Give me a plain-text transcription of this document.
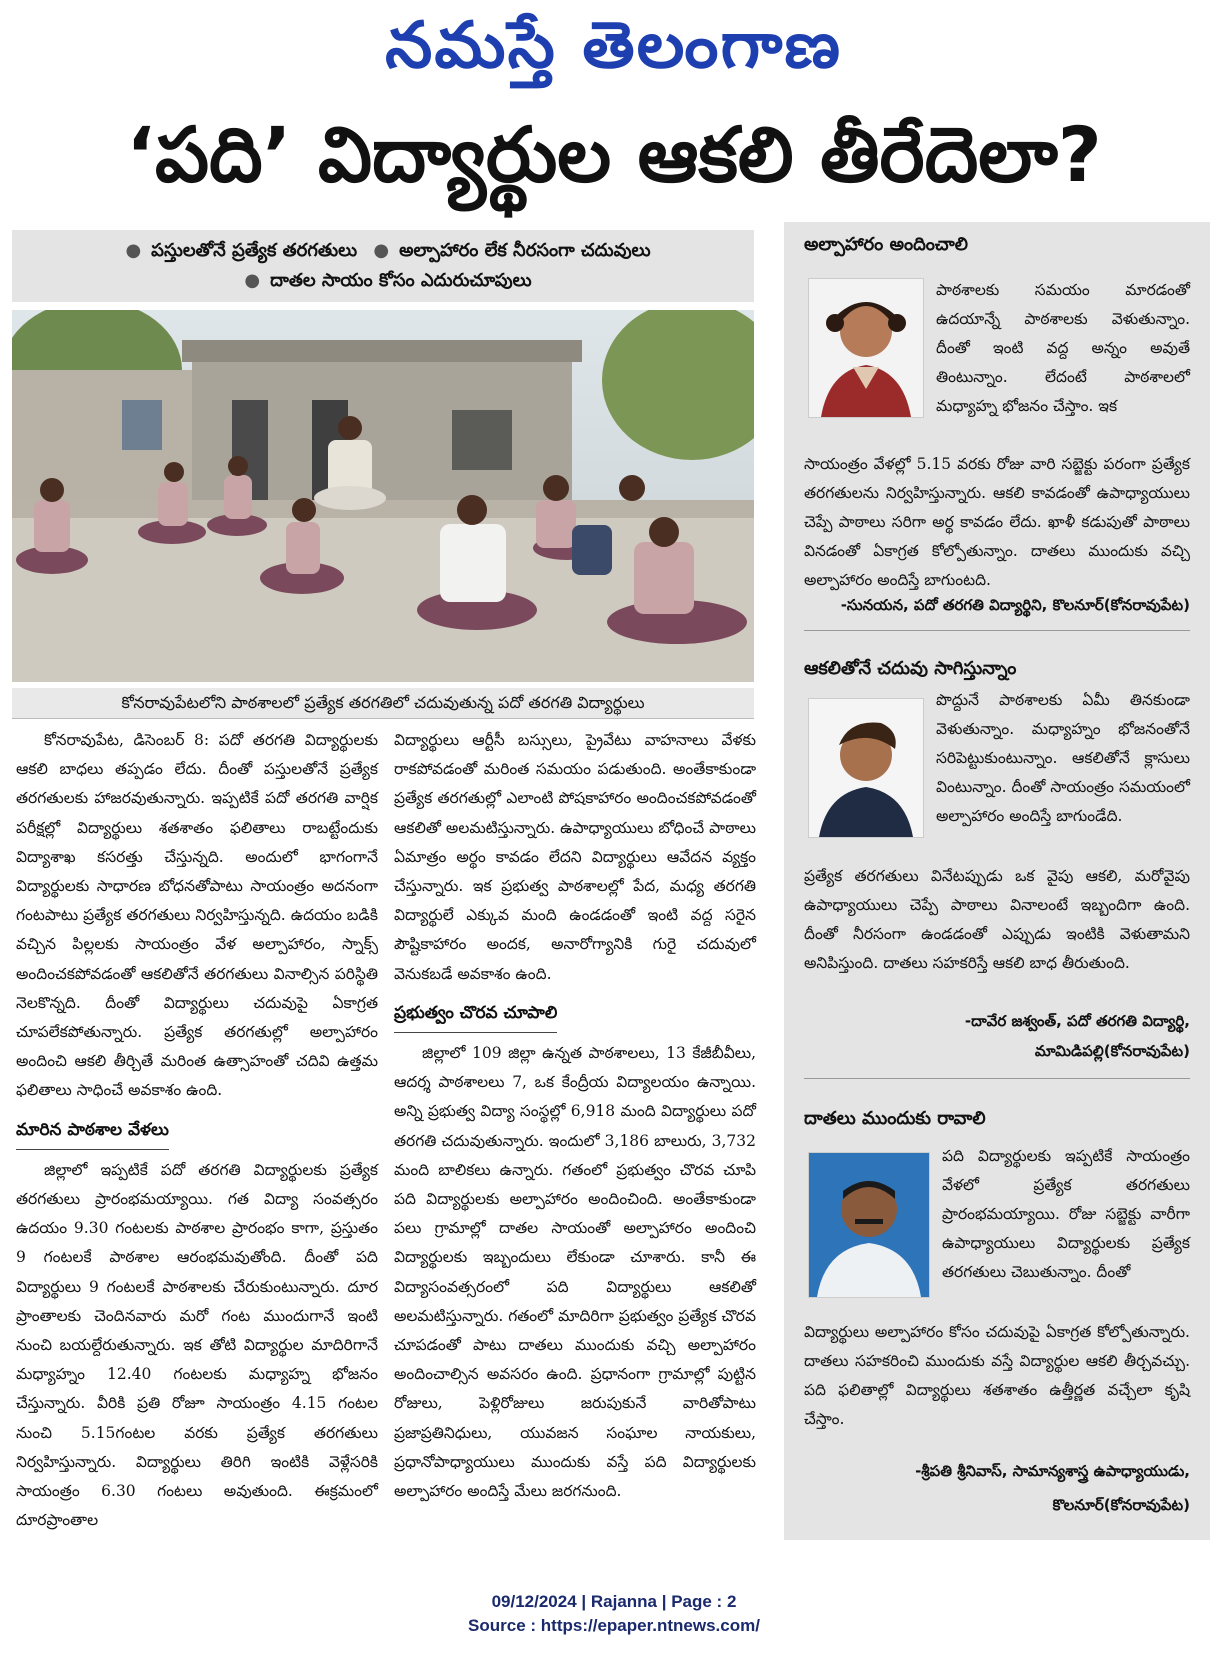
నమస్తే తెలంగాణ
‘పది’ విద్యార్థుల ఆకలి తీరేదెలా?
● పస్తులతోనే ప్రత్యేక తరగతులు ● అల్పాహారం లేక నీరసంగా చదువులు
● దాతల సాయం కోసం ఎదురుచూపులు
కోనరావుపేటలోని పాఠశాలలో ప్రత్యేక తరగతిలో చదువుతున్న పదో తరగతి విద్యార్థులు

కోనరావుపేట, డిసెంబర్ 8: పదో తరగతి విద్యార్థులకు ఆకలి బాధలు తప్పడం లేదు. దీంతో పస్తులతోనే ప్రత్యేక తరగతులకు హాజరవుతున్నారు. ఇప్పటికే పదో తరగతి వార్షిక పరీక్షల్లో విద్యార్థులు శతశాతం ఫలితాలు రాబట్టేందుకు విద్యాశాఖ కసరత్తు చేస్తున్నది. అందులో భాగంగానే విద్యార్థులకు సాధారణ బోధనతోపాటు సాయంత్రం అదనంగా గంటపాటు ప్రత్యేక తరగతులు నిర్వహిస్తున్నది. ఉదయం బడికి వచ్చిన పిల్లలకు సాయంత్రం వేళ అల్పాహారం, స్నాక్స్ అందించకపోవడంతో ఆకలితోనే తరగతులు వినాల్సిన పరిస్థితి నెలకొన్నది. దీంతో విద్యార్థులు చదువుపై ఏకాగ్రత చూపలేకపోతున్నారు. ప్రత్యేక తరగతుల్లో అల్పాహారం అందించి ఆకలి తీర్చితే మరింత ఉత్సాహంతో చదివి ఉత్తమ ఫలితాలు సాధించే అవకాశం ఉంది.

మారిన పాఠశాల వేళలు

జిల్లాలో ఇప్పటికే పదో తరగతి విద్యార్థులకు ప్రత్యేక తరగతులు ప్రారంభమయ్యాయి. గత విద్యా సంవత్సరం ఉదయం 9.30 గంటలకు పాఠశాల ప్రారంభం కాగా, ప్రస్తుతం 9 గంటలకే పాఠశాల ఆరంభమవుతోంది. దీంతో పది విద్యార్థులు 9 గంటలకే పాఠశాలకు చేరుకుంటున్నారు. దూర ప్రాంతాలకు చెందినవారు మరో గంట ముందుగానే ఇంటి నుంచి బయల్దేరుతున్నారు. ఇక తోటి విద్యార్థుల మాదిరిగానే మధ్యాహ్నం 12.40 గంటలకు మధ్యాహ్న భోజనం చేస్తున్నారు. వీరికి ప్రతి రోజూ సాయంత్రం 4.15 గంటల నుంచి 5.15గంటల వరకు ప్రత్యేక తరగతులు నిర్వహిస్తున్నారు. విద్యార్థులు తిరిగి ఇంటికి వెళ్లేసరికి సాయంత్రం 6.30 గంటలు అవుతుంది. ఈక్రమంలో దూరప్రాంతాల

విద్యార్థులు ఆర్టీసీ బస్సులు, ప్రైవేటు వాహనాలు వేళకు రాకపోవడంతో మరింత సమయం పడుతుంది. అంతేకాకుండా ప్రత్యేక తరగతుల్లో ఎలాంటి పోషకాహారం అందించకపోవడంతో ఆకలితో అలమటిస్తున్నారు. ఉపాధ్యాయులు బోధించే పాఠాలు ఏమాత్రం అర్థం కావడం లేదని విద్యార్థులు ఆవేదన వ్యక్తం చేస్తున్నారు. ఇక ప్రభుత్వ పాఠశాలల్లో పేద, మధ్య తరగతి విద్యార్థులే ఎక్కువ మంది ఉండడంతో ఇంటి వద్ద సరైన పౌష్టికాహారం అందక, అనారోగ్యానికి గురై చదువులో వెనుకబడే అవకాశం ఉంది.

ప్రభుత్వం చొరవ చూపాలి

జిల్లాలో 109 జిల్లా ఉన్నత పాఠశాలలు, 13 కేజీబీవీలు, ఆదర్శ పాఠశాలలు 7, ఒక కేంద్రీయ విద్యాలయం ఉన్నాయి. అన్ని ప్రభుత్వ విద్యా సంస్థల్లో 6,918 మంది విద్యార్థులు పదో తరగతి చదువుతున్నారు. ఇందులో 3,186 బాలురు, 3,732 మంది బాలికలు ఉన్నారు. గతంలో ప్రభుత్వం చొరవ చూపి పది విద్యార్థులకు అల్పాహారం అందించింది. అంతేకాకుండా పలు గ్రామాల్లో దాతల సాయంతో అల్పాహారం అందించి విద్యార్థులకు ఇబ్బందులు లేకుండా చూశారు. కానీ ఈ విద్యాసంవత్సరంలో పది విద్యార్థులు ఆకలితో అలమటిస్తున్నారు. గతంలో మాదిరిగా ప్రభుత్వం ప్రత్యేక చొరవ చూపడంతో పాటు దాతలు ముందుకు వచ్చి అల్పాహారం అందించాల్సిన అవసరం ఉంది. ప్రధానంగా గ్రామాల్లో పుట్టిన రోజులు, పెళ్లిరోజులు జరుపుకునే వారితోపాటు ప్రజాప్రతినిధులు, యువజన సంఘాల నాయకులు, ప్రధానోపాధ్యాయులు ముందుకు వస్తే పది విద్యార్థులకు అల్పాహారం అందిస్తే మేలు జరగనుంది.

అల్పాహారం అందించాలి
పాఠశాలకు సమయం మారడంతో ఉదయాన్నే పాఠశాలకు వెళుతున్నాం. దీంతో ఇంటి వద్ద అన్నం అవుతే తింటున్నాం. లేదంటే పాఠశాలలో మధ్యాహ్న భోజనం చేస్తాం. ఇక
సాయంత్రం వేళల్లో 5.15 వరకు రోజు వారి సబ్జెక్టు పరంగా ప్రత్యేక తరగతులను నిర్వహిస్తున్నారు. ఆకలి కావడంతో ఉపాధ్యాయులు చెప్పే పాఠాలు సరిగా అర్థ కావడం లేదు. ఖాళీ కడుపుతో పాఠాలు వినడంతో ఏకాగ్రత కోల్పోతున్నాం. దాతలు ముందుకు వచ్చి అల్పాహారం అందిస్తే బాగుంటది.
-సునయన, పదో తరగతి విద్యార్థిని, కొలనూర్(కోనరావుపేట)
ఆకలితోనే చదువు సాగిస్తున్నాం
పొద్దునే పాఠశాలకు ఏమీ తినకుండా వెళుతున్నాం. మధ్యాహ్నం భోజనంతోనే సరిపెట్టుకుంటున్నాం. ఆకలితోనే క్లాసులు వింటున్నాం. దీంతో సాయంత్రం సమయంలో అల్పాహారం అందిస్తే బాగుండేది.
ప్రత్యేక తరగతులు వినేటప్పుడు ఒక వైపు ఆకలి, మరోవైపు ఉపాధ్యాయులు చెప్పే పాఠాలు వినాలంటే ఇబ్బందిగా ఉంది. దీంతో నీరసంగా ఉండడంతో ఎప్పుడు ఇంటికి వెళుతామని అనిపిస్తుంది. దాతలు సహకరిస్తే ఆకలి బాధ తీరుతుంది.
-దావేర జశ్వంత్, పదో తరగతి విద్యార్థి,
మామిడిపల్లి(కోనరావుపేట)
దాతలు ముందుకు రావాలి
పది విద్యార్థులకు ఇప్పటికే సాయంత్రం వేళలో ప్రత్యేక తరగతులు ప్రారంభమయ్యాయి. రోజు సబ్జెక్టు వారీగా ఉపాధ్యాయులు విద్యార్థులకు ప్రత్యేక తరగతులు చెబుతున్నాం. దీంతో
విద్యార్థులు అల్పాహారం కోసం చదువుపై ఏకాగ్రత కోల్పోతున్నారు. దాతలు సహకరించి ముందుకు వస్తే విద్యార్థుల ఆకలి తీర్చవచ్చు. పది ఫలితాల్లో విద్యార్థులు శతశాతం ఉత్తీర్ణత వచ్చేలా కృషి చేస్తాం.
-శ్రీపతి శ్రీనివాస్, సామాన్యశాస్త్ర ఉపాధ్యాయుడు,
కొలనూర్(కోనరావుపేట)
09/12/2024 | Rajanna | Page : 2
Source : https://epaper.ntnews.com/
